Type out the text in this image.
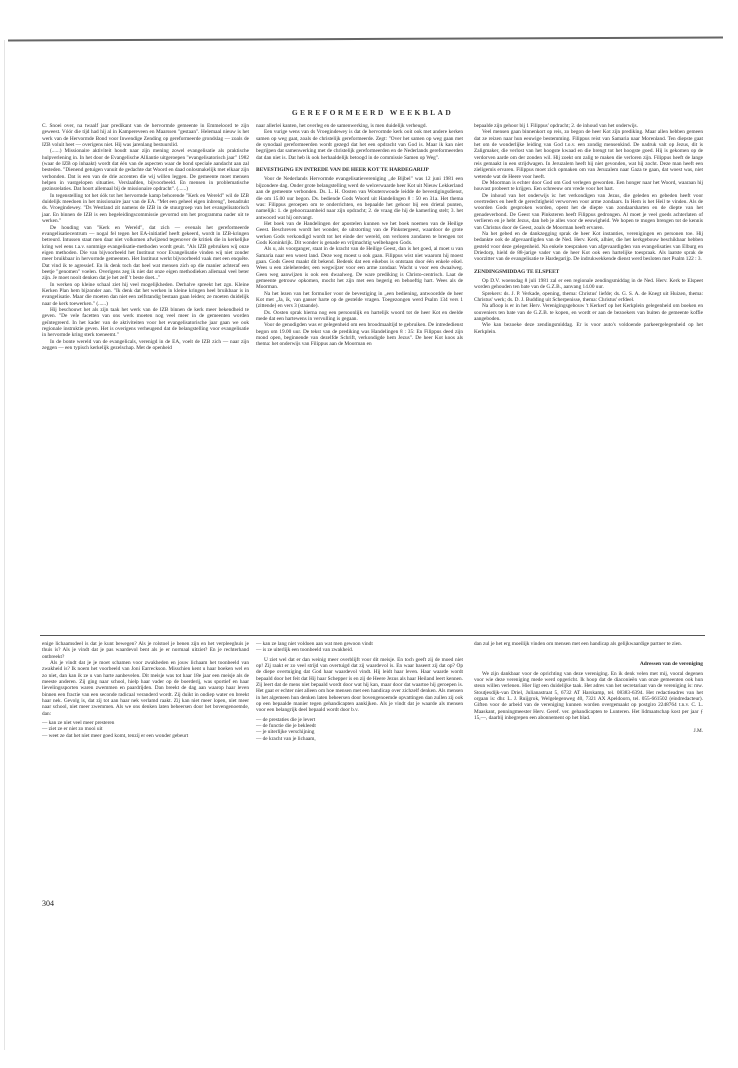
GEREFORMEERD WEEKBLAD

C. Snoei over, na twaalf jaar predikant van de hervormde gemeente in Emmeloord te zijn geweest. Vóór die tijd had hij al in Kampereveen en Maarssen "gestaan". Helemaal nieuw is het werk van de Hervormde Bond voor Inwendige Zending op gereformeerde grondslag — zoals de IZB voluit heet — overigens niet. Hij was jarenlang bestuurslid.

(......) Missionaire aktiviteit houdt naar zijn mening zowel evangelisatie als praktische hulpverlening in. In het door de Evangelische Alliantie uitgeroepen "evangelisatorisch jaar" 1982 (waar de IZB op inhaakt) wordt dat één van de aspecten waar de bond speciale aandacht aan zal besteden. "Dienend getuigen vanuit de gedachte dat Woord en daad onlosmakelijk met elkaar zijn verbonden. Dat is een van de drie accenten die wij willen leggen. De gemeente moet mensen helpen in vastgelopen situaties. Verslaafden, bijvoorbeeld. En mensen in problematische gezinsrelaties. Dat hoort allemaal bij de missionaire opdracht". (......)

In tegenstelling tot het óók tot het hervormde kamp behorende "Kerk en Wereld" wil de IZB duidelijk meedoen in het missionaire jaar van de EA. "Met een geheel eigen inbreng", benadrukt ds. Vroegindewey. "Ds Westland zit namens de IZB in de stuurgroep van het evangelisatorisch jaar. En binnen de IZB is een begeleidingscommissie gevormd om het programma nader uit te werken."

De houding van "Kerk en Wereld", dat zich — evenals het gereformeerde evangelisatiecentrum — nogal fel tegen het EA-initiatief heeft gekeerd, wordt in IZB-kringen betreurd. Intussen staat men daar niet volkomen afwijzend tegenover de kritiek die in kerkelijke kring wel eens t.a.v. sommige evangelisatie-methoden wordt geuit. "Als IZB gebruiken wij onze eigen methoden. Die van bijvoorbeeld het Instituut voor Evangelisatie vinden wij niet zonder meer bruikbaar in hervormde gemeenten. Het Instituut werkt bijvoorbeeld vaak met een enquête. Dat vind ik te agressief. En ik denk toch dat heel wat mensen zich op die manier achteraf een beetje "genomen" voelen. Overigens zeg ik niet dat onze eigen methodieken allemaal veel beter zijn. Je moet nooit denken dat je het zelf 't beste doet..."

In werken op kleine schaal ziet hij veel mogelijkheden. Derhalve spreekt het zgn. Kleine Kerken Plan hem bijzonder aan. "Ik denk dat het werken in kleine kringen heel bruikbaar is in evangelisatie. Maar die moeten dan niet een zelfstandig bestaan gaan leiden; ze moeten duidelijk naar de kerk toewerken." (......)

Hij beschouwt het als zijn taak het werk van de IZB binnen de kerk meer bekendheid te geven. "De vele facetten van ons werk moeten nog veel meer in de gemeenten worden geïntegreerd. In het kader van de aktiviteiten voor het evangelisatorische jaar gaan we ook regionale instruktie geven. Het is overigens verheugend dat de belangstelling voor evangelisatie in hervormde kring sterk toeneemt."

In de bonte wereld van de evangelicals, verenigd in de EA, voelt de IZB zich — naar zijn zeggen — een typisch kerkelijk gezelschap. Met de openheid

naar allerlei kanten, het overleg en de samenwerking, is men duidelijk verheugd.

Een vurige wens van ds Vroegindewey is dat de hervormde kerk ooit ook met andere kerken samen op weg gaat, zoals de christelijk gereformeerde. Zegt: "Over het samen op weg gaan met de synodaal gereformeerden wordt gezegd dat het een opdracht van God is. Maar ik kan niet begrijpen dat samenwerking met de christelijk gereformeerden en de Nederlands gereformeerden dat dan niet is. Dat heb ik ook herhaaldelijk betoogd in de commissie Samen op Weg".

BEVESTIGING EN INTREDE VAN DE HEER KOT TE HARDEGARIJP

Voor de Nederlands Hervormde evangelisatievereniging „de Bijbel" was 12 juni 1981 een bijzondere dag. Onder grote belangstelling werd de welcerwaarde heer Kot uit Nieuw Lekkerland aan de gemeente verbonden. Ds. L. H. Oosten van Wouterswoude leidde de bevestigingsdienst, die om 15.00 uur begon. Ds. bediende Gods Woord uit Handelingen 8 : 50 en 31a. Het thema was: Filippus geroepen om te onderrichten, en bepaalde het gehoor bij een drietal punten, namelijk: 1. de gehoorzaamheid naar zijn opdracht; 2. de vraag die hij de kamerling stelt; 3. het antwoord wat hij ontvangt.

Het boek van de Handelingen der apostelen kunnen we het boek noemen van de Heilige Geest. Beschreven wordt het wonder, de uitstorting van de Pinkstergeest, waardoor de grote werken Gods verkondigd wordt tot het einde der wereld, om verloren zondaren te brengen tot Gods Koninkrijk. Dit wonder is genade en vrijmachtig welbehagen Gods.

Als u, als voorganger, staat in de kracht van de Heilige Geest, dan is het goed, al moet u van Samaria naar een woest land. Deze weg moest u ook gaan. Filippus wist niet waarom hij moest gaan. Gods Geest maakt dit bekend. Bedenk dat een eikebos is ontstaan door één enkele eikel. Wees u een zielehereder, een wegwijzer voor een arme zondaar. Wacht u voor een dwaalweg. Geen weg aanwijzen is ook een dwaalweg. De ware prediking is Christo-centrisch. Laat de gemeente getrouw opkomen, mocht het zijn met een begerig en behoeftig hart. Wees als de Moorman.

Na het lezen van het formulier voor de bevestiging in „een bediening, antwoordde de heer Kot met „Ja, ik, van ganser harte op de gestelde vragen. Toegezongen werd Psalm 134 vers 1 (zittende) en vers 3 (staande).

Ds. Oosten sprak hierna nog een persoonlijk en hartelijk woord tot de heer Kot en deelde mede dat een hartewens in vervulling is gegaan.

Voor de genodigden was er gelegenheid om een broodmaaltijd te gebruiken. De intrededienst begon om 19.00 uur. De tekst van de prediking was Handelingen 8 : 35: En Filippus deed zijn mond open, beginnende van dezelfde Schrift, verkondigde hem Jezus". De heer Kot koos als thema: het onderwijs van Filippus aan de Moorman en

bepaalde zijn gehoor bij 1 Filippus' opdracht; 2. de inhoud van het onderwijs.

Veel mensen gaan binnenkort op reis, zo begon de heer Kot zijn prediking. Maar allen hebben gemeen dat ze reizen naar hun eeuwige bestemming. Filippus reist van Samaria naar Morenland. Ten diepste gaat het om de wonderlijke leiding van God t.o.v. een zondig mensenkind. De nadruk valt op Jezus, dit is Zaligmaker, die verlost van het hoogste kwaad en die brengt tot het hoogste goed. Hij is gekomen op de verdorven aarde om der zonden wil. Hij zoekt om zalig te maken die verloren zijn. Filippus heeft de lange reis gemaakt in een strijdwagen. In Jeruzalem heeft hij niet gevonden, wat hij zocht. Deze man heeft een zieligemis ervaren. Filippus moet zich opmaken om van Jeruzalem naar Gaza te gaan, dat woest was, niet wetende wat de Heere voor heeft.

De Moorman is echter door God om God verlegen geworden. Een honger naar het Woord, waaraan hij houvast probeert te krijgen. Een schreeuw om vrede voor het hart.

De inhoud van het onderwijs is: het verkondigen van Jezus, die geleden en gebeden heeft voor overtreders en heeft de gerechtigheid verworven voor arme zondaars. In Hem is het Heil te vinden. Als de woorden Gods gesproken worden, opent het de diepte van zondaarsharten en de diepte van het genadeverbond. De Geest van Pinksteren heeft Filippus gedrongen. Al moet je veel goeds achterlaten of verlieren en je hebt Jezus, dan heb je alles voor de eeuwigheid. We hopen te mogen brengen tot de kennis van Christus door de Geest, zoals de Moorman heeft ervaren.

Na het gebed en de dankzegging sprak de heer Kot instanties, verenigingen en personen toe. Hij bedankte ook de afgevaardigden van de Ned. Herv. Kerk, alhier, die het kerkgebouw beschikbaar hebben gesteld voor deze gelegenheid. Na enkele toespraken van afgevaardigden van evangelisaties van Elburg en Driedorp, hield de 88-jarige vader van de heer Kot ook een hartelijke toespraak. Als laatste sprak de voorzitter van de evangelisatie te Hardegarijp. De indrukwekkende dienst werd besloten met Psalm 122 : 3.

ZENDINGSMIDDAG TE ELSPEET

Op D.V. woensdag 8 juli 1981 zal er een regionale zendingsmiddag in de Ned. Herv. Kerk te Elspeet worden gehouden ten bate van de G.Z.B., aanvang 14.00 uur.

Sprekers: ds. J. P. Verkade, opening, thema: Christus' liefde; ds. G. S. A. de Knegt uit Huizen, thema: Christus' werk; ds. D. J. Budding uit Scherpenisse, thema: Christus' erfdeel.

Na afloop is er in het Herv. Verenigingsgebouw 't Kerkerf op het Kerkplein gelegenheid om boeken en souveniers ten bate van de G.Z.B. te kopen, en wordt er aan de bezoekers van buiten de gemeente koffie aangeboden.

Wie kan bezoeke deze zendingsmiddag. Er is voor auto's voldoende parkeergelegenheid op het Kerkplein.

enige lichaamsdeel is dat je kunt bewegen? Als je rolstoel je benen zijn en het verpleeghuis je thuis is? Als je vindt dat je pas waardevol bent als je er normaal uitziet? En je rechterhand ontbreekt?

Als je vindt dat je je moet schamen voor zwakheden en jouw lichaam het toonbeeld van zwakheid is? Ik noem het voorbeeld van Joni Earreckson. Misschien kent u haar boeken wel en zo niet, dan kan ik ze u van harte aanbevelen. Dit meisje was tot haar 18e jaar een meisje als de meeste anderen. Zij ging naar school, hielp haar vader op de boerderij, was sportief en haar lievelingssporten waren zwemmen en paardrijden. Dan breekt de dag aan waarop haar leven binnen een fractie van een seconde radicaal veranderd wordt. Zij duikt in ondiep water en breekt haar nek. Gevolg is, dat zij tot aan haar nek verlamd raakt. Zij kan niet meer lopen, niet meer naar school, niet meer zwemmen. Als we ons denken laten beheersen door het bovengenoemde, dan:

— kan ze niet veel meer presteren
— ziet ze er niet zo mooi uit
— weet ze dat het niet meer goed komt, tenzij er een wonder gebeurt
— kan ze lang niet voldoen aan wat men gewoon vindt
— is ze uiterlijk een toonbeeld van zwakheid.

U ziet wel dat er dan weinig meer overblijft voor dit meisje. En toch geeft zij de moed niet op! Zij raakt er zo veel strijd van overtuigd dat zij waardevol is. En waar baseert zij dat op? Op de diepe overtuiging dat God haar waardevol vindt. Hij leidt haar leven. Haar waarde wordt bepaald door het feit dat Hij haar Schepper is en zij de Heere Jezus als haar Heiland leert kennen. Zij leert dat de mens niet bepaald wordt door wat hij kan, maar door dat waartoe hij geroepen is. Het gaat er echter niet alleen om hoe mensen met een handicap over zichzelf denken. Als mensen in het algemeen hun denken laten beheersen door bovengenoemde opvattingen dan zullen zij ook op een bepaalde manier tegen gehandicapten aankijken. Als je vindt dat je waarde als mensen voor een belangrijk deel bepaald wordt door b.v.

— de prestaties die je levert
— de functie die je bekleedt
— je uiterlijke verschijning
— de kracht van je lichaam,

dan zul je het erg moeilijk vinden om mensen met een handicap als gelijkwaardige partner te zien.

Adressen van de vereniging

We zijn dankbaar voor de oprichting van deze vereniging. En ik denk velen met mij, vooral degenen voor wie deze vereniging mede werd opgericht. Ik hoop dat de diaconieën van onze gemeenten ook hun steun willen verlenen. Hier ligt een duidelijke taak. Het adres van het secretariaat van de vereniging is: mw. Stoutjesdijk-van Driel, Julianastraat 5, 6732 AT Harskamp, tel. 08383-6394. Het redactieadres van het orgaan is: dhr. L. J. Ruijgrok, Welgelegenweg 40, 7321 AX Apeldoorn, tel. 055-661502 (eindredacteur). Giften voor de arbeid van de vereniging kunnen worden overgemaakt op postgiro 2248764 t.n.v. C. L. Maaskant, penningmeester Herv. Geref. ver. gehandicapten te Lunteren. Het lidmaatschap kost per jaar ƒ 15,—, daarbij inbegrepen een abonnement op het blad.

J.M.

304
